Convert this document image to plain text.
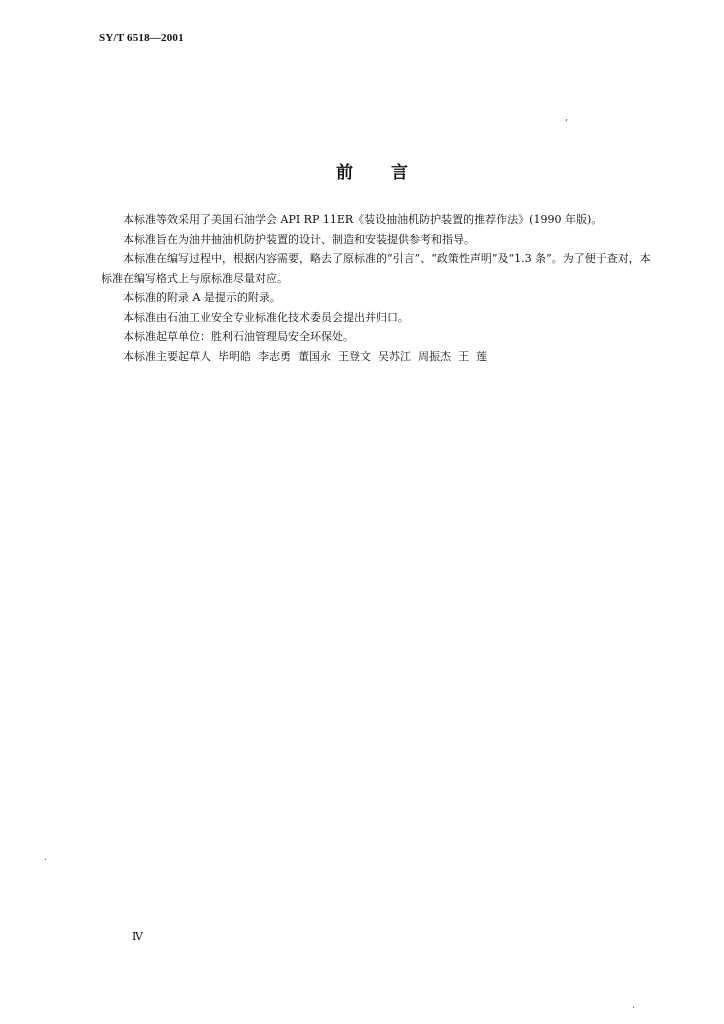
SY/T 6518—2001
,
前 言

本标准等效采用了美国石油学会 API RP 11ER《装设抽油机防护装置的推荐作法》(1990 年版)。

本标准旨在为油井抽油机防护装置的设计、制造和安装提供参考和指导。

本标准在编写过程中，根据内容需要，略去了原标准的“引言”、“政策性声明”及“1.3 条”。为了便于查对，本标准在编写格式上与原标准尽量对应。

本标准的附录 A 是提示的附录。

本标准由石油工业安全专业标准化技术委员会提出并归口。

本标准起草单位：胜利石油管理局安全环保处。

本标准主要起草人  毕明皓  李志勇  董国永  王登文  吴苏江  周振杰  王  莲

.
Ⅳ
.
